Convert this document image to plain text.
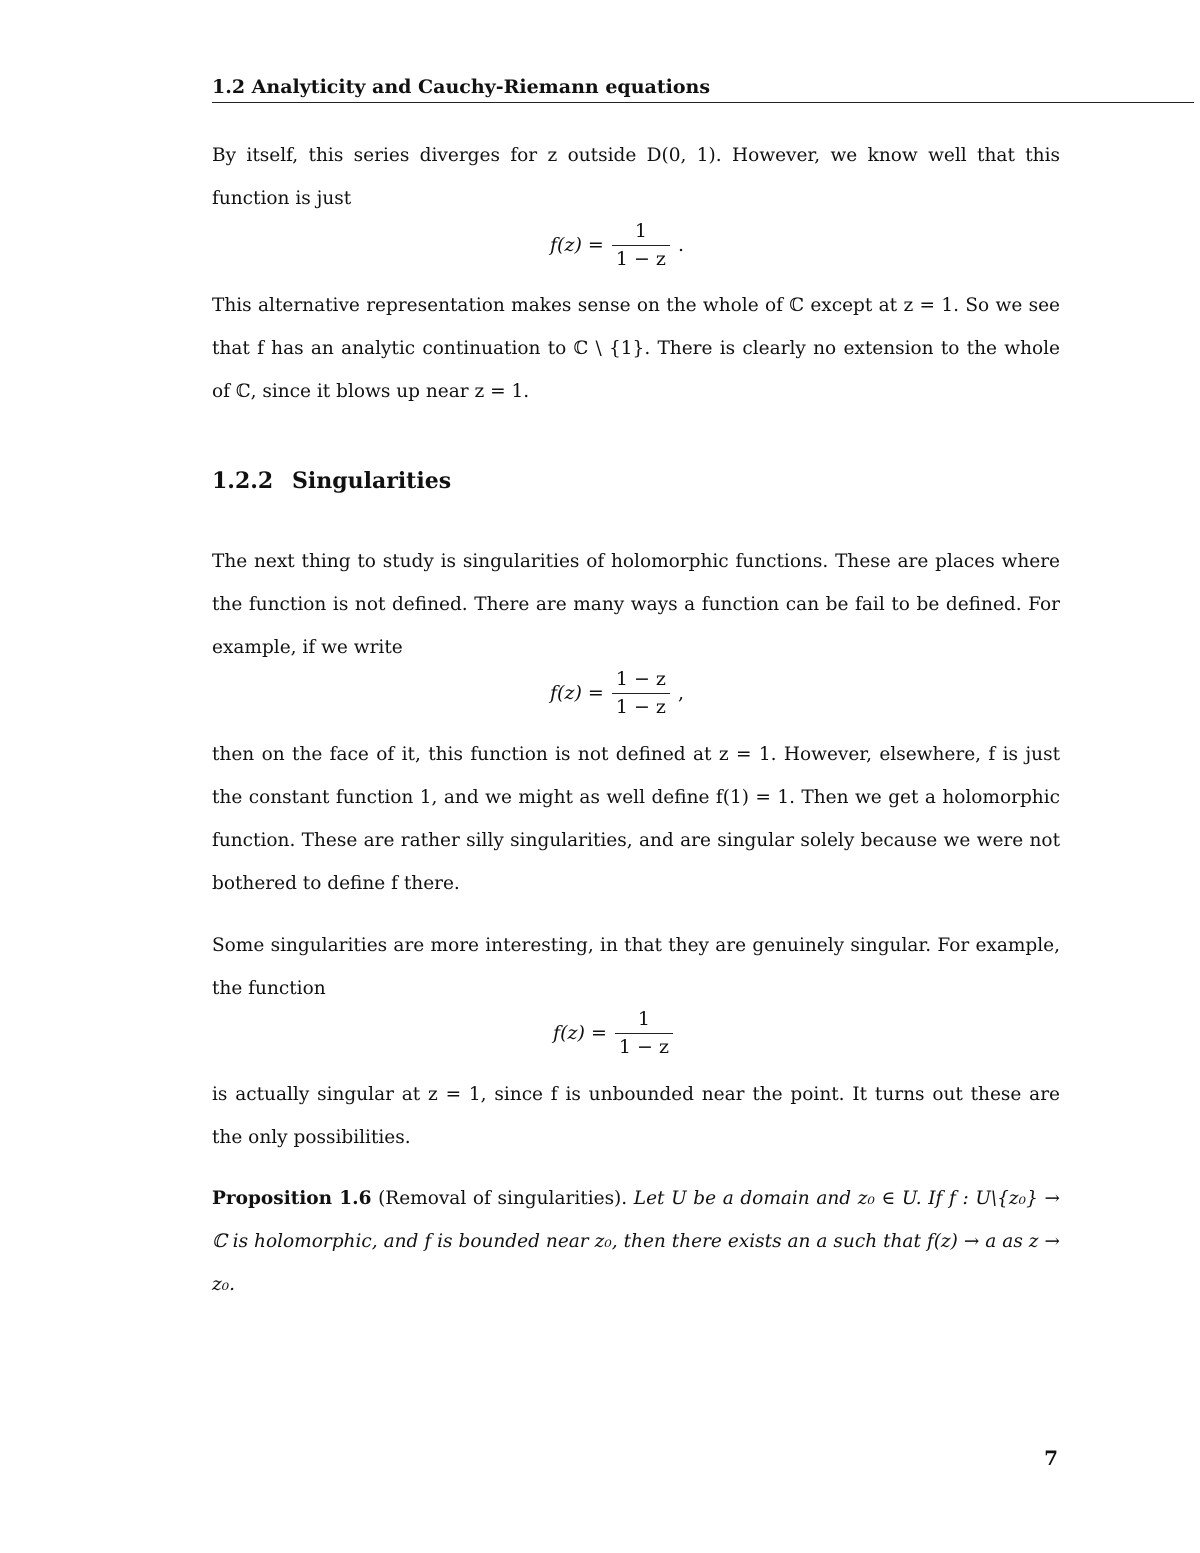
1.2 Analyticity and Cauchy-Riemann equations
By itself, this series diverges for z outside D(0, 1). However, we know well that this function is just
$f(z) = \frac{1}{1 - z}$ .
This alternative representation makes sense on the whole of ℂ except at z = 1. So we see that f has an analytic continuation to ℂ \ {1}. There is clearly no extension to the whole of ℂ, since it blows up near z = 1.
1.2.2 Singularities
The next thing to study is singularities of holomorphic functions. These are places where the function is not defined. There are many ways a function can be fail to be defined. For example, if we write
$f(z) = \frac{1 - z}{1 - z}$ ,
then on the face of it, this function is not defined at z = 1. However, elsewhere, f is just the constant function 1, and we might as well define f(1) = 1. Then we get a holomorphic function. These are rather silly singularities, and are singular solely because we were not bothered to define f there.
Some singularities are more interesting, in that they are genuinely singular. For example, the function
$f(z) = \frac{1}{1 - z}$
is actually singular at z = 1, since f is unbounded near the point. It turns out these are the only possibilities.
Proposition 1.6 (Removal of singularities). Let U be a domain and z₀ ∈ U. If f : U\{z₀} → ℂ is holomorphic, and f is bounded near z₀, then there exists an a such that f(z) → a as z → z₀.
7
